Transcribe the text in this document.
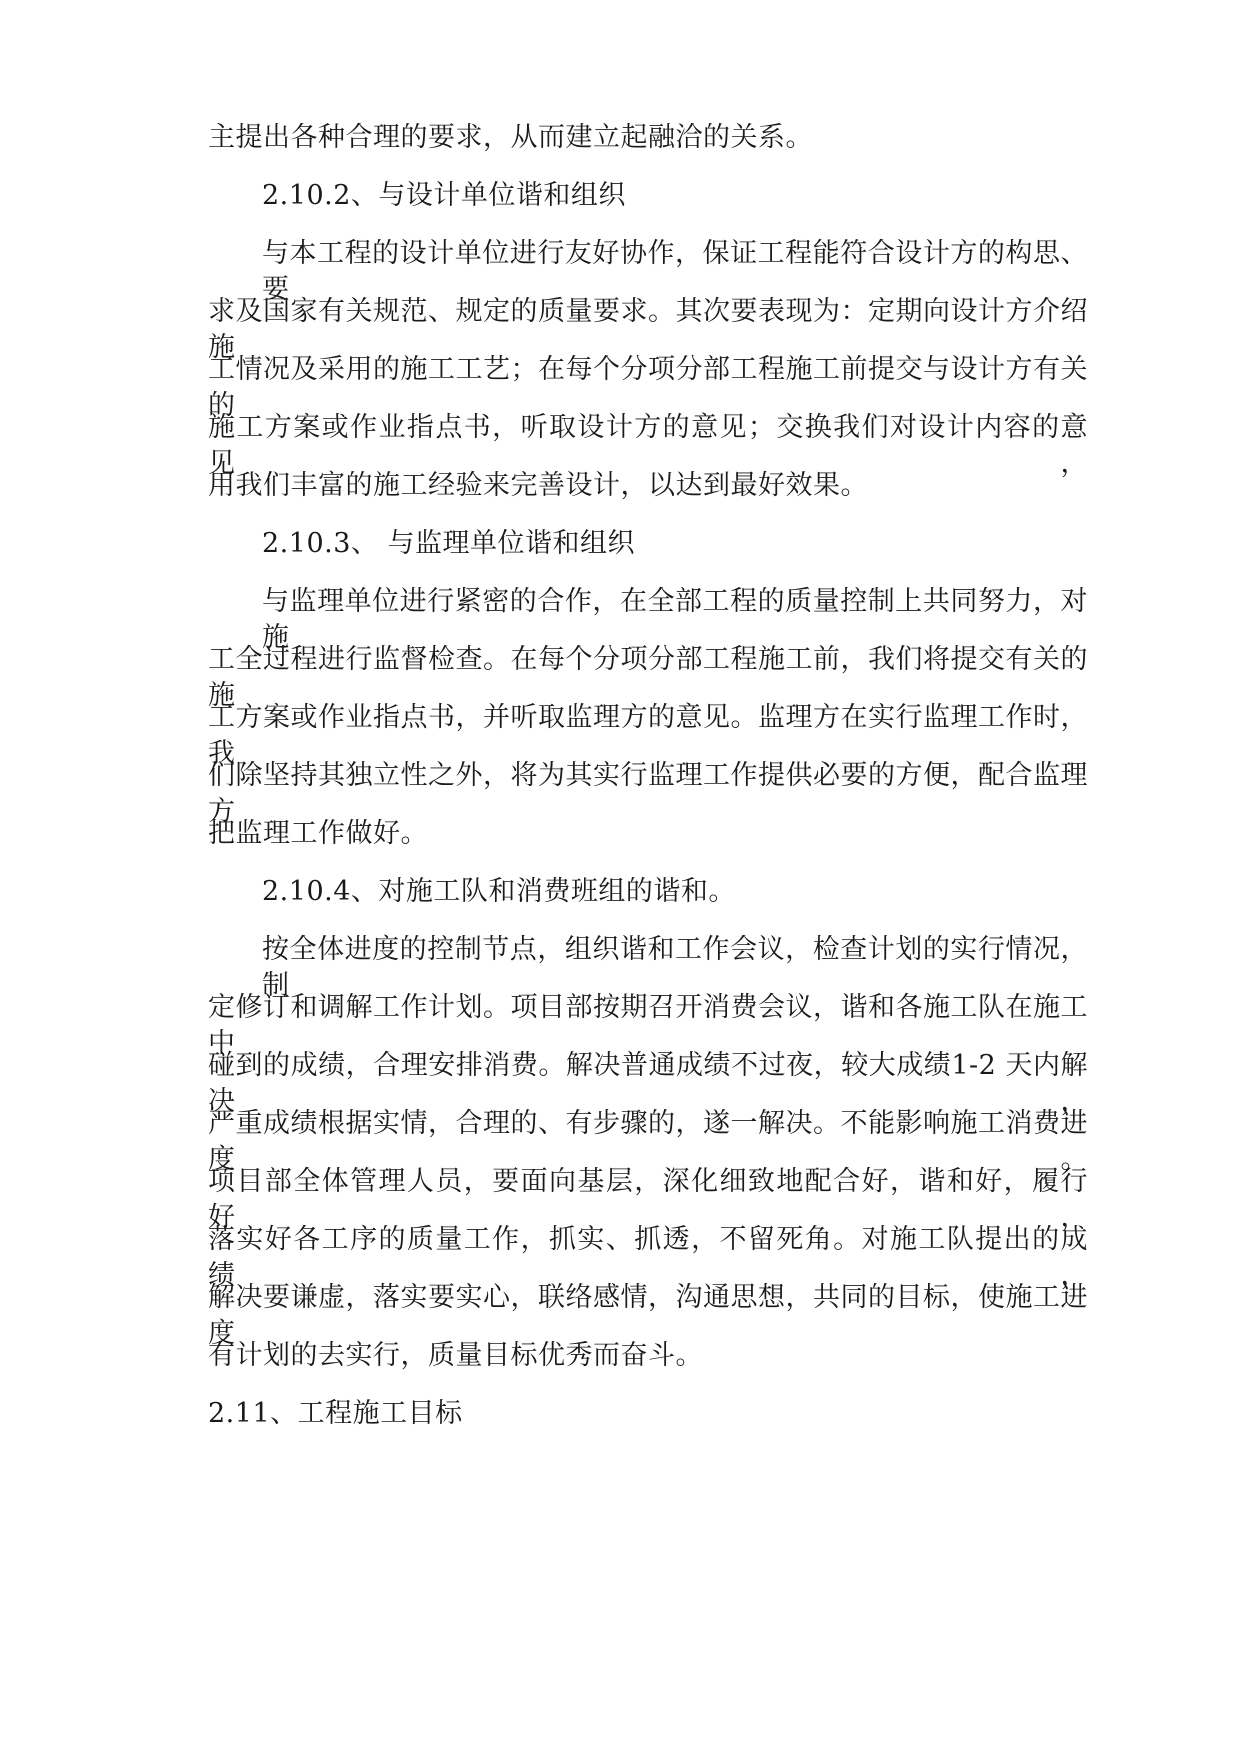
主提出各种合理的要求，从而建立起融洽的关系。
2.10.2、与设计单位谐和组织
与本工程的设计单位进行友好协作，保证工程能符合设计方的构思、要
求及国家有关规范、规定的质量要求。其次要表现为：定期向设计方介绍施
工情况及采用的施工工艺；在每个分项分部工程施工前提交与设计方有关的
施工方案或作业指点书，听取设计方的意见；交换我们对设计内容的意见，
用我们丰富的施工经验来完善设计，以达到最好效果。
2.10.3、 与监理单位谐和组织
与监理单位进行紧密的合作，在全部工程的质量控制上共同努力，对施
工全过程进行监督检查。在每个分项分部工程施工前，我们将提交有关的施
工方案或作业指点书，并听取监理方的意见。监理方在实行监理工作时，我
们除坚持其独立性之外，将为其实行监理工作提供必要的方便，配合监理方
把监理工作做好。
2.10.4、对施工队和消费班组的谐和。
按全体进度的控制节点，组织谐和工作会议，检查计划的实行情况，制
定修订和调解工作计划。项目部按期召开消费会议，谐和各施工队在施工中
碰到的成绩，合理安排消费。解决普通成绩不过夜，较大成绩1-2 天内解决，
严重成绩根据实情，合理的、有步骤的，遂一解决。不能影响施工消费进度。
项目部全体管理人员，要面向基层，深化细致地配合好，谐和好，履行好，
落实好各工序的质量工作，抓实、抓透，不留死角。对施工队提出的成绩，
解决要谦虚，落实要实心，联络感情，沟通思想，共同的目标，使施工进度
有计划的去实行，质量目标优秀而奋斗。
2.11、工程施工目标
